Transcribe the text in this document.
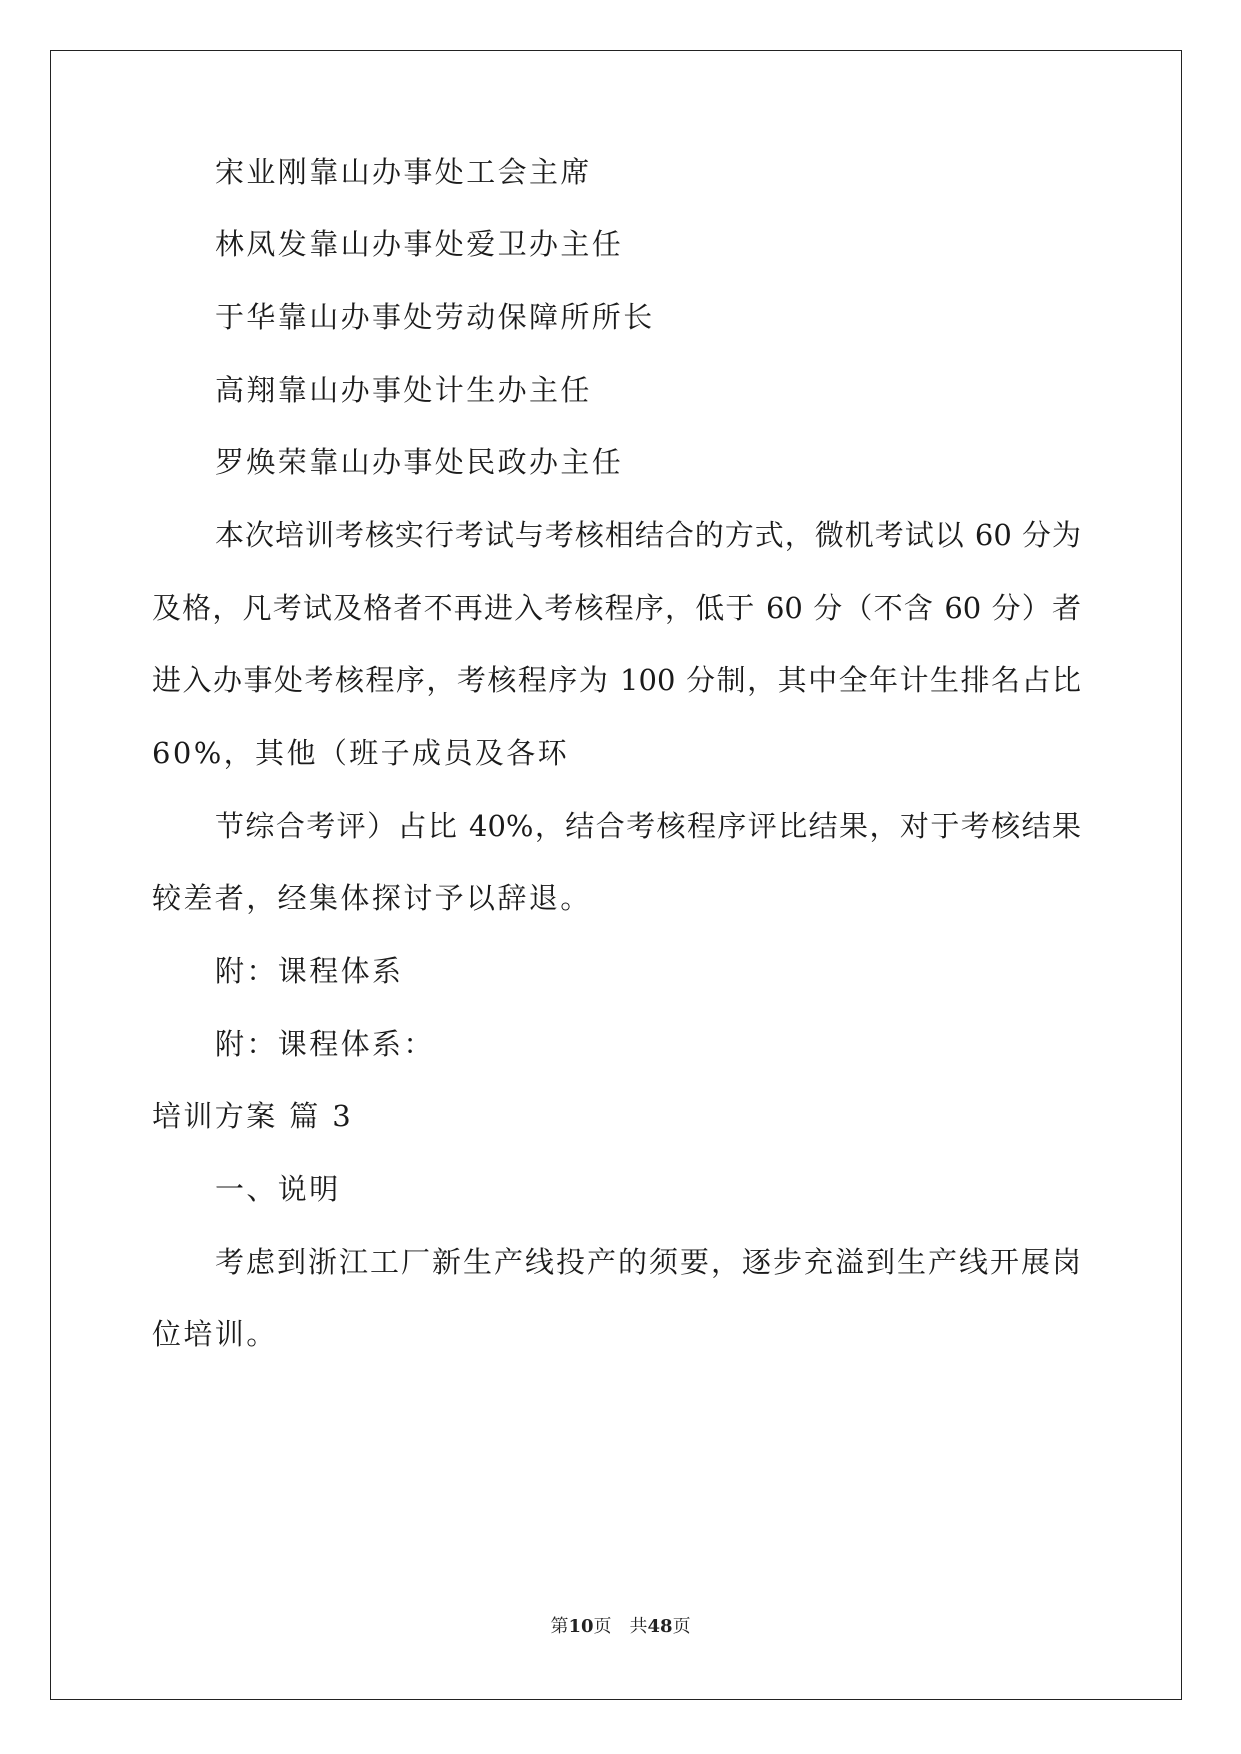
宋业刚靠山办事处工会主席
林凤发靠山办事处爱卫办主任
于华靠山办事处劳动保障所所长
高翔靠山办事处计生办主任
罗焕荣靠山办事处民政办主任
本次培训考核实行考试与考核相结合的方式，微机考试以 60 分为
及格，凡考试及格者不再进入考核程序，低于 60 分（不含 60 分）者
进入办事处考核程序，考核程序为 100 分制，其中全年计生排名占比
60%，其他（班子成员及各环
节综合考评）占比 40%，结合考核程序评比结果，对于考核结果
较差者，经集体探讨予以辞退。
附：课程体系
附：课程体系：
培训方案 篇 3
一、说明
考虑到浙江工厂新生产线投产的须要，逐步充溢到生产线开展岗
位培训。
第10页　共48页
